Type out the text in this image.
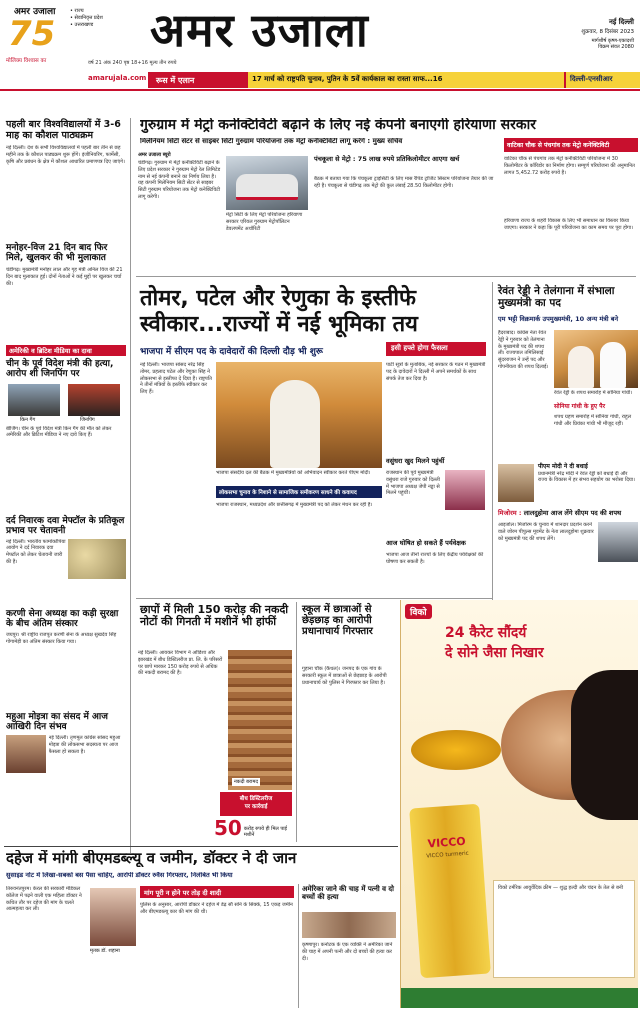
अमर उजाला
75
मोलिक्य विश्वास का
• राज्य
• सेवानिवृत्त प्रदेश
• उत्तराखण्ड	अमर उजाला	नई दिल्ली
शुक्रवार, 8 दिसंबर 2023
मार्गशीर्ष कृष्ण-एकादशी
विक्रम संवत 2080
वर्ष 21 अंक 240 पृष्ठ 18+16 मूल्य तीन रुपये
amarujala.com	रूस में एलान	17 मार्च को राष्ट्रपति चुनाव, पुतिन के 5वें कार्यकाल का रास्ता साफ...16	दिल्ली-एनसीआर
पहली बार विश्वविद्यालयों में 3-6 माह का कौशल पाठ्यक्रम
नई दिल्ली। देश के सभी विश्वविद्यालयों में पहली बार तीन से छह महीने तक के कौशल पाठ्यक्रम शुरू होंगे। इंजीनियरिंग, फार्मेसी, कृषि और प्रबंधन के क्षेत्र में कौशल आधारित प्रमाणपत्र दिए जाएंगे।
मनोहर-विज 21 दिन बाद फिर मिले, खुलकर की भी मुलाकात
चंडीगढ़। मुख्यमंत्री मनोहर लाल और गृह मंत्री अनिल विज की 21 दिन बाद मुलाकात हुई। दोनों नेताओं ने कई मुद्दों पर खुलकर चर्चा की।
अमेरिकी व ब्रिटिश मीडिया का दावा
चीन के पूर्व विदेश मंत्री की हत्या, आरोप शी जिनपिंग पर
किन गैंग	जिनपिंग
बीजिंग। चीन के पूर्व विदेश मंत्री किन गैंग की मौत को लेकर अमेरिकी और ब्रिटिश मीडिया ने नए दावे किए हैं।
दर्द निवारक दवा मेफ्टॉल के प्रतिकूल प्रभाव पर चेतावनी
नई दिल्ली। भारतीय फार्माकोपिया आयोग ने दर्द निवारक दवा मेफ्टॉल को लेकर चेतावनी जारी की है।
करणी सेना अध्यक्ष का कड़ी सुरक्षा के बीच अंतिम संस्कार
जयपुर। श्री राष्ट्रीय राजपूत करणी सेना के अध्यक्ष सुखदेव सिंह गोगामेड़ी का अंतिम संस्कार किया गया।
महुआ मोइत्रा का संसद में आज आखिरी दिन संभव
नई दिल्ली। तृणमूल कांग्रेस सांसद महुआ मोइत्रा की लोकसभा सदस्यता पर आज फैसला हो सकता है।
गुरुग्राम में मेट्रो कनेक्टिविटी बढ़ाने के लिए नई कंपनी बनाएगी हरियाणा सरकार
मिलेनियम सिटी सेंटर से साइबर सिटी गुरुग्राम परियोजना तक मेट्रो कनेक्टिविटी लागू करेंगे : मुख्य सचिव
अमर उजाला ब्यूरो
चंडीगढ़। गुरुग्राम में मेट्रो कनेक्टिविटी बढ़ाने के लिए प्रदेश सरकार ने गुरुग्राम मेट्रो रेल लिमिटेड नाम से नई कंपनी बनाने का निर्णय लिया है। यह कंपनी मिलेनियम सिटी सेंटर से साइबर सिटी गुरुग्राम परियोजना तक मेट्रो कनेक्टिविटी लागू करेगी।
मेट्रो सिटी के लिए मेट्रो परियोजना हरियाणा सरकार एरियल गुरुग्राम मेट्रोपॉलिटन डेवलपमेंट अथॉरिटी
पंचकूला से मेट्रो : 75 लाख रुपये प्रतिकिलोमीटर आएगा खर्च
बैठक में बताया गया कि पंचकूला ट्राइसिटी के लिए मास रैपिड ट्रांजिट सिस्टम परियोजना तैयार की जा रही है। पंचकूला से चंडीगढ़ तक मेट्रो की कुल लंबाई 28.50 किलोमीटर होगी।
वाटिका चौक से पंचगांव तक मेट्रो कनेक्टिविटी
वाटिका चौक से पंचगांव तक मेट्रो कनेक्टिविटी परियोजना में 30 किलोमीटर के कॉरिडोर का निर्माण होगा। सम्पूर्ण परियोजना की अनुमानित लागत 5,452.72 करोड़ रुपये है।
हरियाणा राज्य के शहरी विकास के लिए भी समाधान का विस्तार किया जाएगा। सरकार ने कहा कि पूरी परियोजना का काम समय पर पूरा होगा।
तोमर, पटेल और रेणुका के इस्तीफे स्वीकार...राज्यों में नई भूमिका तय
भाजपा में सीएम पद के दावेदारों की दिल्ली दौड़ भी शुरू	इसी हफ्ते होगा फैसला
नई दिल्ली। भाजपा सांसद नरेंद्र सिंह तोमर, प्रहलाद पटेल और रेणुका सिंह ने लोकसभा से इस्तीफा दे दिया है। राष्ट्रपति ने तीनों मंत्रियों के इस्तीफे स्वीकार कर लिए हैं।
भाजपा संसदीय दल की बैठक में मुख्यमंत्रियों को अभिवादन स्वीकार करते पीएम मोदी।
पार्टी सूत्रों के मुताबिक, नई सरकार के गठन में मुख्यमंत्री पद के दावेदारों ने दिल्ली में अपने समर्थकों के साथ संपर्क तेज कर दिया है।
वसुंधरा खुद मिलने पहुंचीं
राजस्थान की पूर्व मुख्यमंत्री वसुंधरा राजे गुरुवार को दिल्ली में भाजपा अध्यक्ष जेपी नड्डा से मिलने पहुंचीं।
लोकसभा चुनाव के निशाने से सामाजिक समीकरण साधने की कवायद
भाजपा राजस्थान, मध्यप्रदेश और छत्तीसगढ़ में मुख्यमंत्री पद को लेकर मंथन कर रही है।
आज घोषित हो सकते हैं पर्यवेक्षक
भाजपा आज तीनों राज्यों के लिए केंद्रीय पर्यवेक्षकों की घोषणा कर सकती है।
रेवंत रेड्डी ने तेलंगाना में संभाला मुख्यमंत्री का पद
एम भट्टी विक्रमार्क उपमुख्यमंत्री, 10 अन्य मंत्री बने
हैदराबाद। कांग्रेस नेता रेवंत रेड्डी ने गुरुवार को तेलंगाना के मुख्यमंत्री पद की शपथ ली। राज्यपाल तमिलिसाई सुंदरराजन ने उन्हें पद और गोपनीयता की शपथ दिलाई।
रेवंत रेड्डी के शपथ समारोह में सोनिया गांधी।
सोनिया गांधी के हुए पैर
शपथ ग्रहण समारोह में सोनिया गांधी, राहुल गांधी और प्रियंका गांधी भी मौजूद रहीं।
पीएम मोदी ने दी बधाई
प्रधानमंत्री नरेंद्र मोदी ने रेवंत रेड्डी को बधाई दी और राज्य के विकास में हर संभव सहयोग का भरोसा दिया।
मिजोरम : लालदुहोमा आज लेंगे सीएम पद की शपथ
आइजोल। मिजोरम के चुनाव में शानदार प्रदर्शन करने वाले जोरम पीपुल्स मूवमेंट के नेता लालदुहोमा शुक्रवार को मुख्यमंत्री पद की शपथ लेंगे।
छापों में मिली 150 करोड़ की नकदी नोटों की गिनती में मशीनें भी हांफीं
नई दिल्ली। आयकर विभाग ने ओडिशा और झारखंड में बौध डिस्टिलरीज प्रा. लि. के परिसरों पर छापे मारकर 150 करोड़ रुपये से अधिक की नकदी बरामद की है।
नकदी बरामद
बौध डिस्टिलरीज
पर कार्रवाई
50 करोड़ रुपये ही मिल पाई मशीनें
स्कूल में छात्राओं से छेड़छाड़ का आरोपी प्रधानाचार्य गिरफ्तार
गुहाना चौक (कैथल)। जनपद के एक गांव के सरकारी स्कूल में छात्राओं से छेड़छाड़ के आरोपी प्रधानाचार्य को पुलिस ने गिरफ्तार कर लिया है।
विको
24 कैरेट सौंदर्य
दे सोने जैसा निखार
VICCO
VICCO turmeric
विको टर्मरिक आयुर्वेदिक क्रीम — शुद्ध हल्दी और चंदन के तेल से बनी
दहेज में मांगी बीएमडब्ल्यू व जमीन, डॉक्टर ने दी जान
सुसाइड नोट में लिखा-सबको बस पैसा चाहिए, आरोपी डॉक्टर रुवैस गिरफ्तार, निलंबित भी किया
तिरुवनंतपुरम। केरल की सरकारी मेडिकल कॉलेज में पढ़ने वाली एक महिला डॉक्टर ने कथित तौर पर दहेज की मांग के चलते आत्महत्या कर ली।
मृतक डॉ. शहाना
मांग पूरी न होने पर तोड़ दी शादी
पुलिस के अनुसार, आरोपी डॉक्टर ने दहेज में डेढ़ सौ सोने के सिक्के, 15 एकड़ जमीन और बीएमडब्ल्यू कार की मांग की थी।
अमेरिका जाने की चाह में पत्नी व दो बच्चों की हत्या
कृष्णापुर। कर्नाटक के एक व्यक्ति ने अमेरिका जाने की चाह में अपनी पत्नी और दो बच्चों की हत्या कर दी।
